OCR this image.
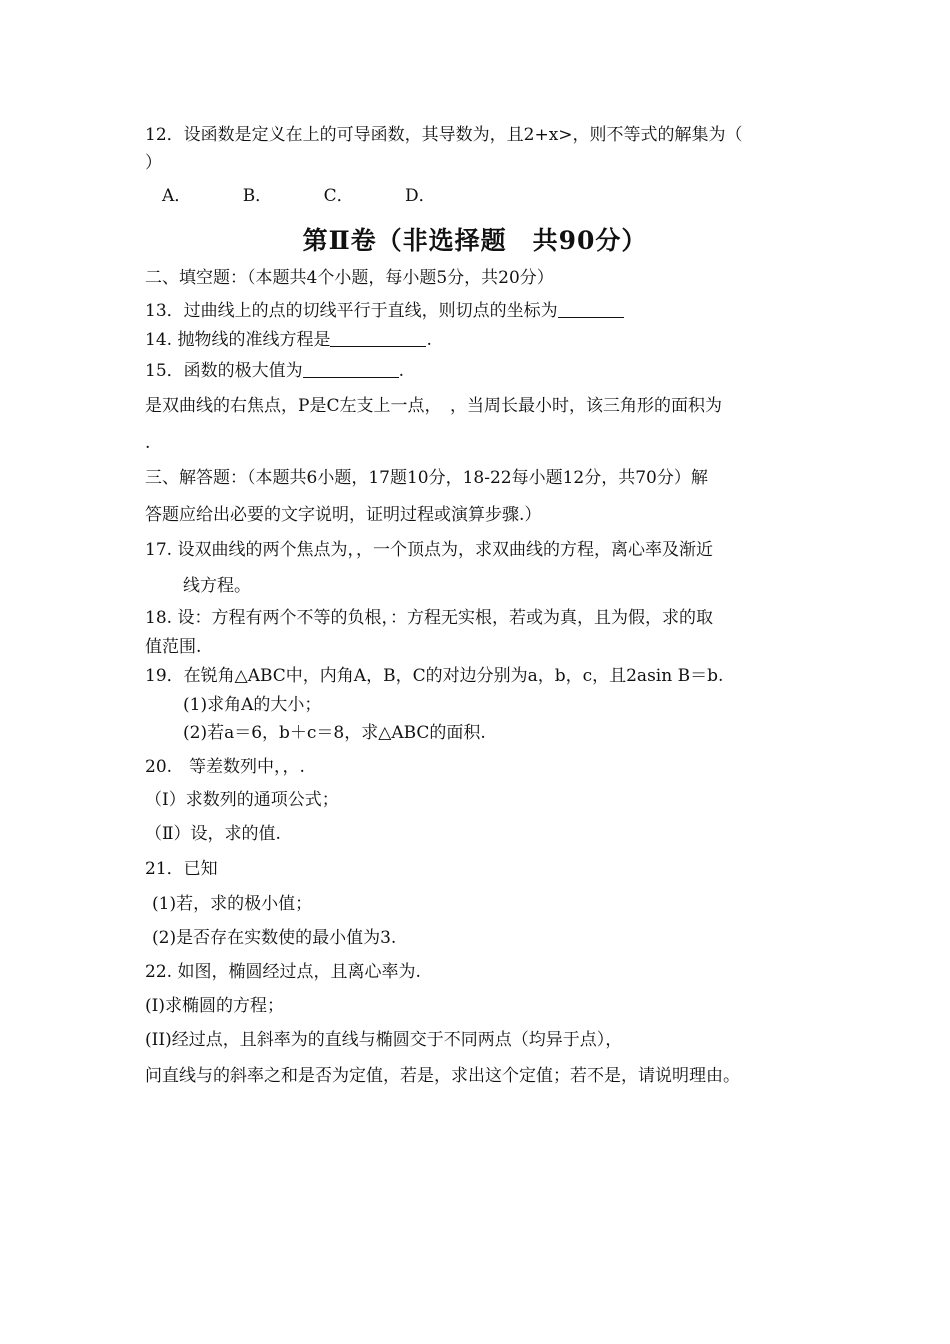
12．设函数是定义在上的可导函数，其导数为，且2+x>，则不等式的解集为（
）
A．	B．	C．	D．
第Ⅱ卷（非选择题　共90分）
二、填空题：（本题共4个小题，每小题5分，共20分）
13．过曲线上的点的切线平行于直线，则切点的坐标为
14. 抛物线的准线方程是	.
15．函数的极大值为	.
是双曲线的右焦点，P是C左支上一点，　，当周长最小时，该三角形的面积为
.
三、解答题：（本题共6小题，17题10分，18-22每小题12分，共70分）解
答题应给出必要的文字说明，证明过程或演算步骤.）
17. 设双曲线的两个焦点为，，一个顶点为，求双曲线的方程，离心率及渐近
线方程。
18. 设：方程有两个不等的负根，：方程无实根，若或为真，且为假，求的取
值范围.
19．在锐角△ABC中，内角A，B，C的对边分别为a，b，c，且2asin B＝b.
(1)求角A的大小；
(2)若a＝6，b＋c＝8，求△ABC的面积.
20.　等差数列中，，.
（Ⅰ）求数列的通项公式；
（Ⅱ）设，求的值.
21．已知
(1)若，求的极小值；
(2)是否存在实数使的最小值为3.
22. 如图，椭圆经过点，且离心率为.
(I)求椭圆的方程；
(II)经过点，且斜率为的直线与椭圆交于不同两点（均异于点），
问直线与的斜率之和是否为定值，若是，求出这个定值；若不是，请说明理由。
